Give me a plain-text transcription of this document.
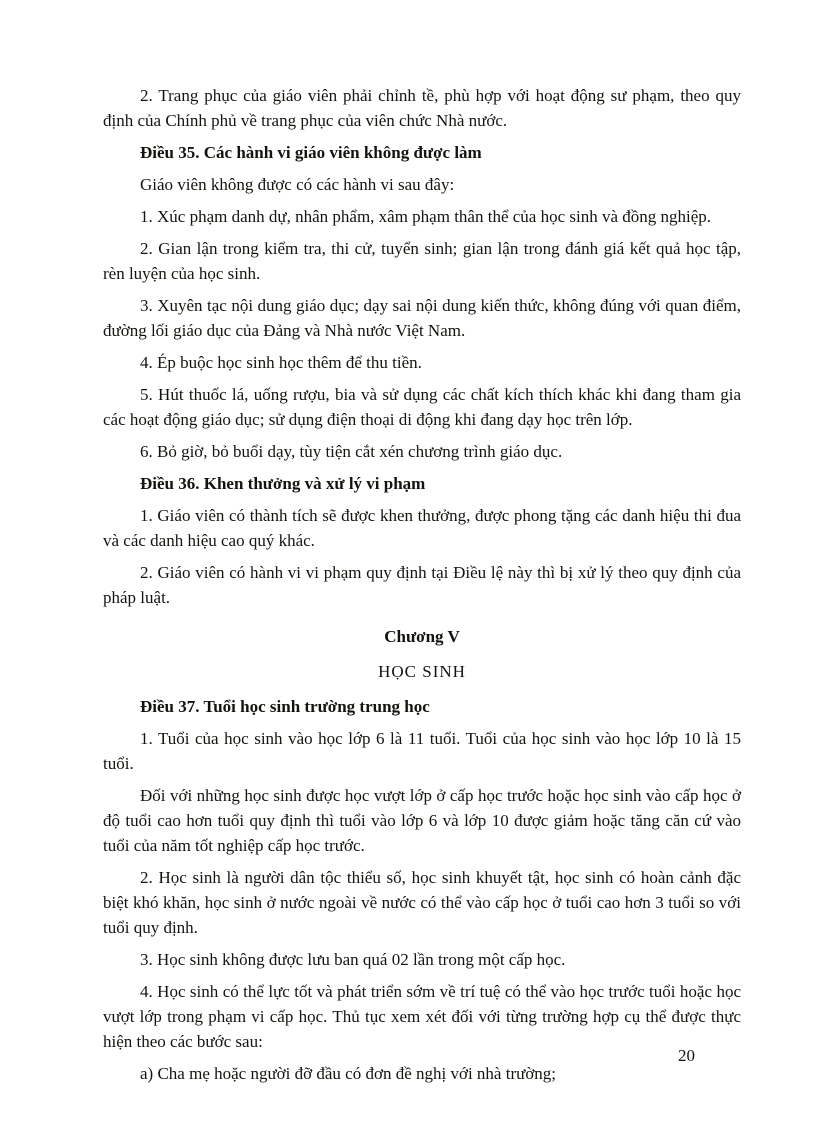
2. Trang phục của giáo viên phải chỉnh tề, phù hợp với hoạt động sư phạm, theo quy định của Chính phủ về trang phục của viên chức Nhà nước.

Điều 35. Các hành vi giáo viên không được làm

Giáo viên không được có các hành vi sau đây:

1. Xúc phạm danh dự, nhân phẩm, xâm phạm thân thể của học sinh và đồng nghiệp.

2. Gian lận trong kiểm tra, thi cử, tuyển sinh; gian lận trong đánh giá kết quả học tập, rèn luyện của học sinh.

3. Xuyên tạc nội dung giáo dục; dạy sai nội dung kiến thức, không đúng với quan điểm, đường lối giáo dục của Đảng và Nhà nước Việt Nam.

4. Ép buộc học sinh học thêm để thu tiền.

5. Hút thuốc lá, uống rượu, bia và sử dụng các chất kích thích khác khi đang tham gia các hoạt động giáo dục; sử dụng điện thoại di động khi đang dạy học trên lớp.

6. Bỏ giờ, bỏ buổi dạy, tùy tiện cắt xén chương trình giáo dục.

Điều 36. Khen thưởng và xử lý vi phạm

1. Giáo viên có thành tích sẽ được khen thưởng, được phong tặng các danh hiệu thi đua và các danh hiệu cao quý khác.

2. Giáo viên có hành vi vi phạm quy định tại Điều lệ này thì bị xử lý theo quy định của pháp luật.

Chương V

HỌC SINH

Điều 37. Tuổi học sinh trường trung học

1. Tuổi của học sinh vào học lớp 6 là 11 tuổi. Tuổi của học sinh vào học lớp 10 là 15 tuổi.

Đối với những học sinh được học vượt lớp ở cấp học trước hoặc học sinh vào cấp học ở độ tuổi cao hơn tuổi quy định thì tuổi vào lớp 6 và lớp 10 được giảm hoặc tăng căn cứ vào tuổi của năm tốt nghiệp cấp học trước.

2. Học sinh là người dân tộc thiểu số, học sinh khuyết tật, học sinh có hoàn cảnh đặc biệt khó khăn, học sinh ở nước ngoài về nước có thể vào cấp học ở tuổi cao hơn 3 tuổi so với tuổi quy định.

3. Học sinh không được lưu ban quá 02 lần trong một cấp học.

4. Học sinh có thể lực tốt và phát triển sớm về trí tuệ có thể vào học trước tuổi hoặc học vượt lớp trong phạm vi cấp học. Thủ tục xem xét đối với từng trường hợp cụ thể được thực hiện theo các bước sau:

a) Cha mẹ hoặc người đỡ đầu có đơn đề nghị với nhà trường;

20
